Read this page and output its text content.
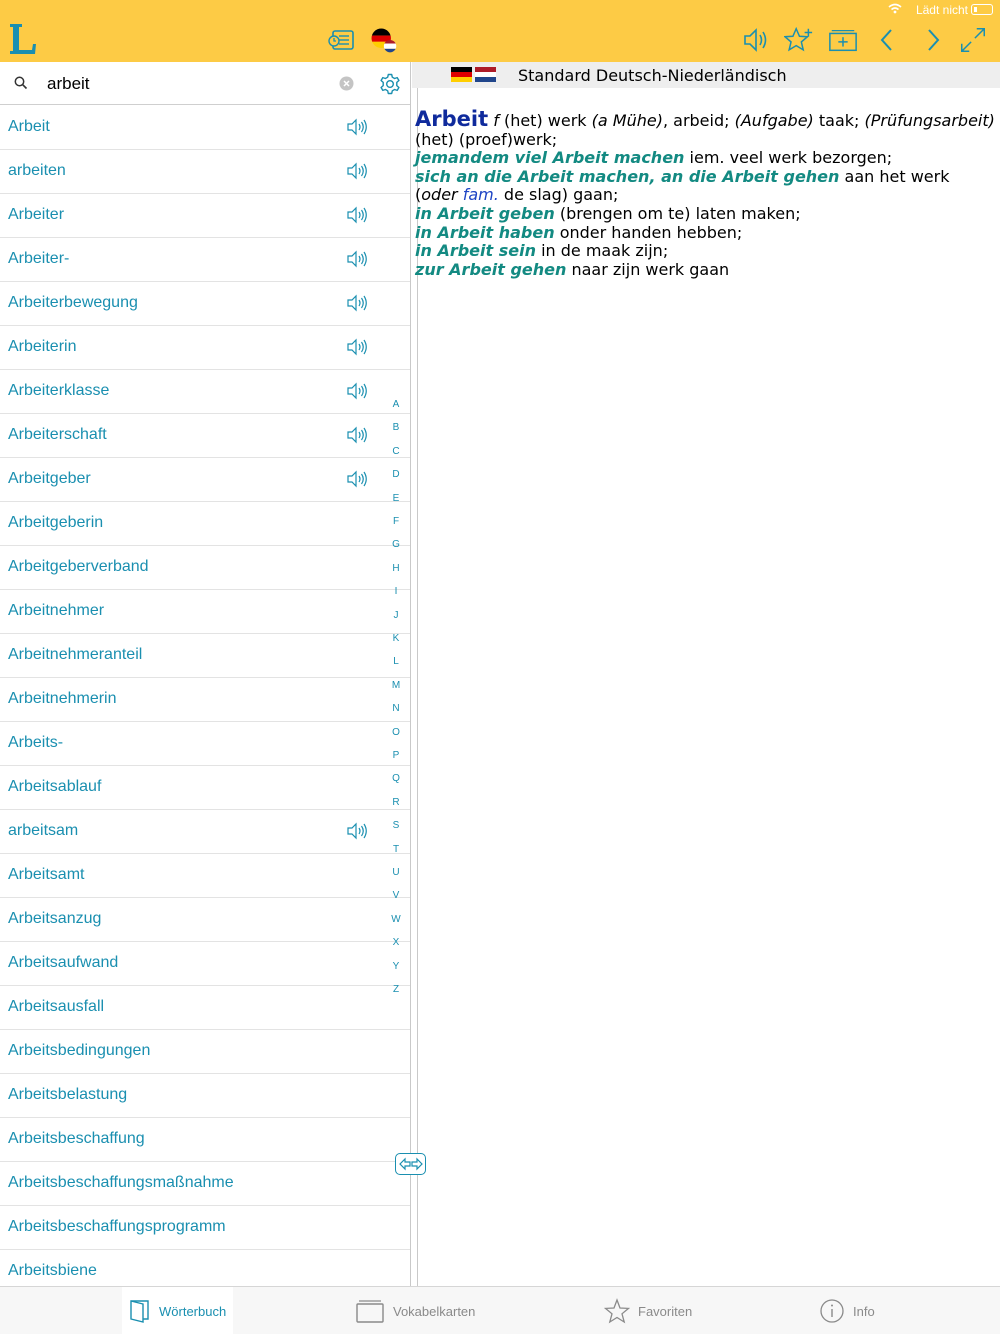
Lädt nicht
arbeit
Arbeit
arbeiten
Arbeiter
Arbeiter-
Arbeiterbewegung
Arbeiterin
Arbeiterklasse
Arbeiterschaft
Arbeitgeber
Arbeitgeberin
Arbeitgeberverband
Arbeitnehmer
Arbeitnehmeranteil
Arbeitnehmerin
Arbeits-
Arbeitsablauf
arbeitsam
Arbeitsamt
Arbeitsanzug
Arbeitsaufwand
Arbeitsausfall
Arbeitsbedingungen
Arbeitsbelastung
Arbeitsbeschaffung
Arbeitsbeschaffungsmaßnahme
Arbeitsbeschaffungsprogramm
Arbeitsbiene
A
B
C
D
E
F
G
H
I
J
K
L
M
N
O
P
Q
R
S
T
U
V
W
X
Y
Z
Standard Deutsch-Niederländisch
Arbeit f (het) werk (a Mühe), arbeid; (Aufgabe) taak; (Prüfungsarbeit) (het) (proef)werk;
jemandem viel Arbeit machen iem. veel werk bezorgen;
sich an die Arbeit machen, an die Arbeit gehen aan het werk (oder fam. de slag) gaan;
in Arbeit geben (brengen om te) laten maken;
in Arbeit haben onder handen hebben;
in Arbeit sein in de maak zijn;
zur Arbeit gehen naar zijn werk gaan
Wörterbuch	Vokabelkarten	Favoriten	Info
